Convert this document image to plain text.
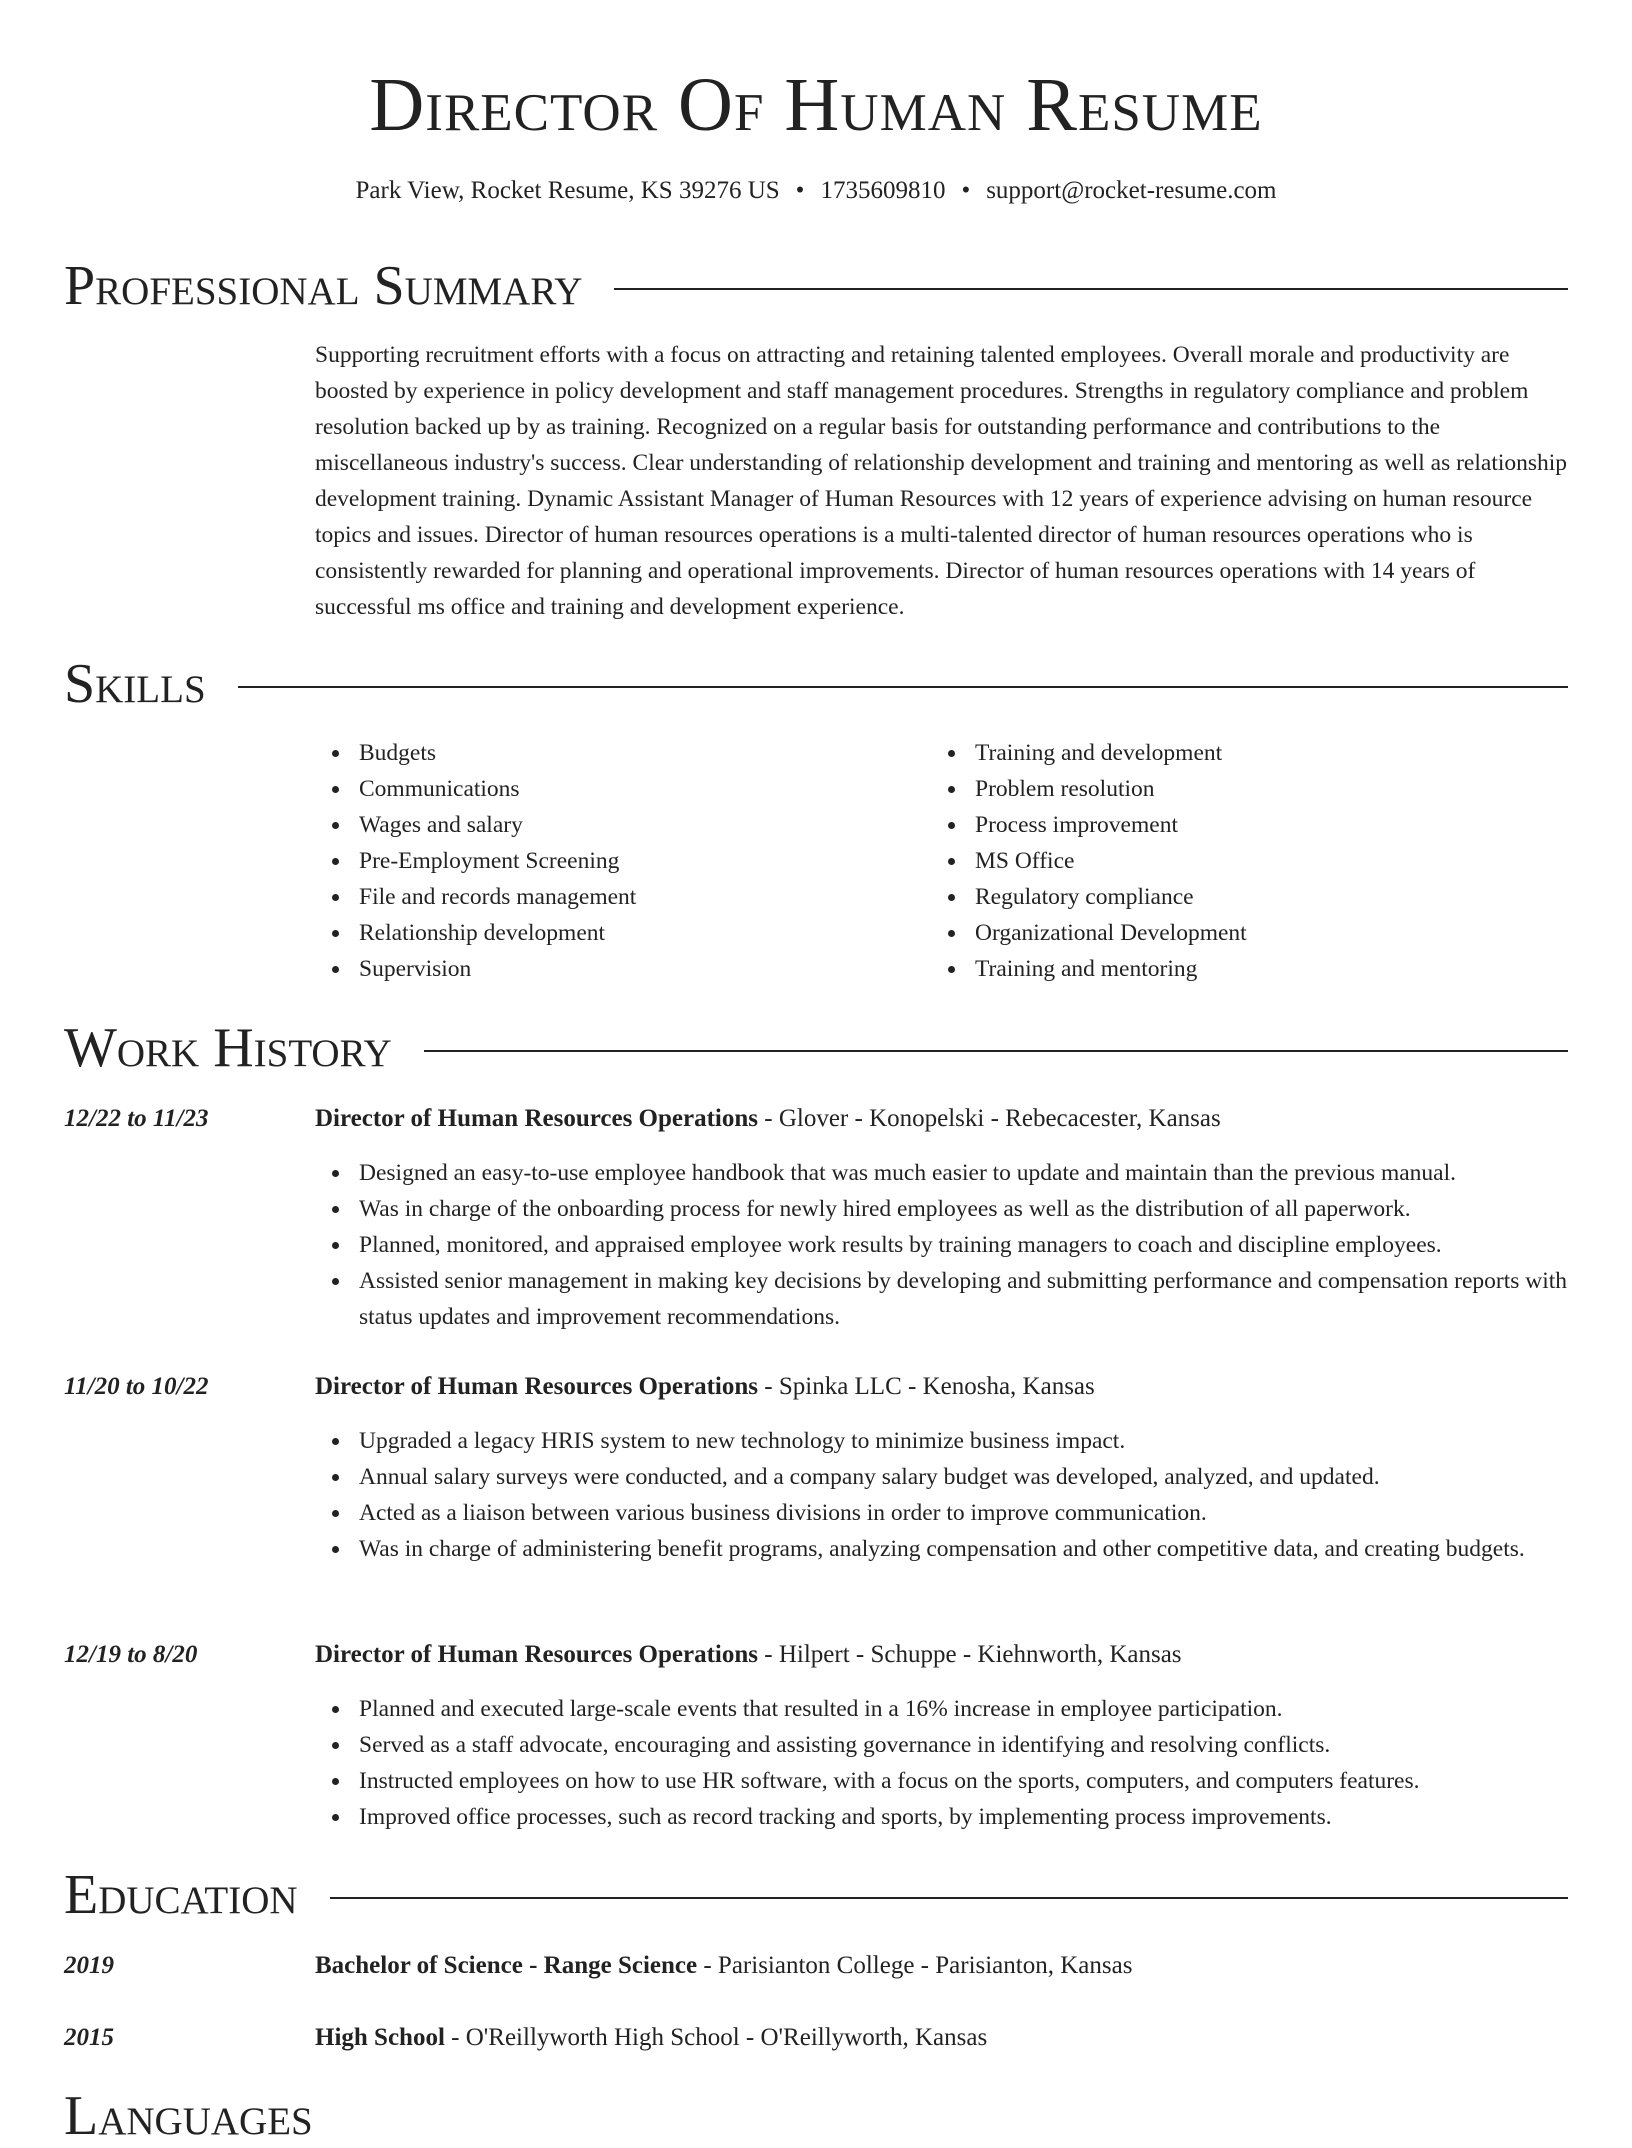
Director Of Human Resume
Park View, Rocket Resume, KS 39276 US • 1735609810 • support@rocket-resume.com
Professional Summary

Supporting recruitment efforts with a focus on attracting and retaining talented employees. Overall morale and productivity are boosted by experience in policy development and staff management procedures. Strengths in regulatory compliance and problem resolution backed up by as training. Recognized on a regular basis for outstanding performance and contributions to the miscellaneous industry's success. Clear understanding of relationship development and training and mentoring as well as relationship development training. Dynamic Assistant Manager of Human Resources with 12 years of experience advising on human resource topics and issues. Director of human resources operations is a multi-talented director of human resources operations who is consistently rewarded for planning and operational improvements. Director of human resources operations with 14 years of successful ms office and training and development experience.

Skills
Budgets
Communications
Wages and salary
Pre-Employment Screening
File and records management
Relationship development
Supervision
Training and development
Problem resolution
Process improvement
MS Office
Regulatory compliance
Organizational Development
Training and mentoring
Work History
12/22 to 11/23	Director of Human Resources Operations - Glover - Konopelski - Rebecacester, Kansas
Designed an easy-to-use employee handbook that was much easier to update and maintain than the previous manual.
Was in charge of the onboarding process for newly hired employees as well as the distribution of all paperwork.
Planned, monitored, and appraised employee work results by training managers to coach and discipline employees.
Assisted senior management in making key decisions by developing and submitting performance and compensation reports with status updates and improvement recommendations.
11/20 to 10/22	Director of Human Resources Operations - Spinka LLC - Kenosha, Kansas
Upgraded a legacy HRIS system to new technology to minimize business impact.
Annual salary surveys were conducted, and a company salary budget was developed, analyzed, and updated.
Acted as a liaison between various business divisions in order to improve communication.
Was in charge of administering benefit programs, analyzing compensation and other competitive data, and creating budgets.
12/19 to 8/20	Director of Human Resources Operations - Hilpert - Schuppe - Kiehnworth, Kansas
Planned and executed large-scale events that resulted in a 16% increase in employee participation.
Served as a staff advocate, encouraging and assisting governance in identifying and resolving conflicts.
Instructed employees on how to use HR software, with a focus on the sports, computers, and computers features.
Improved office processes, such as record tracking and sports, by implementing process improvements.
Education
2019	Bachelor of Science - Range Science - Parisianton College - Parisianton, Kansas
2015	High School - O'Reillyworth High School - O'Reillyworth, Kansas
Languages
